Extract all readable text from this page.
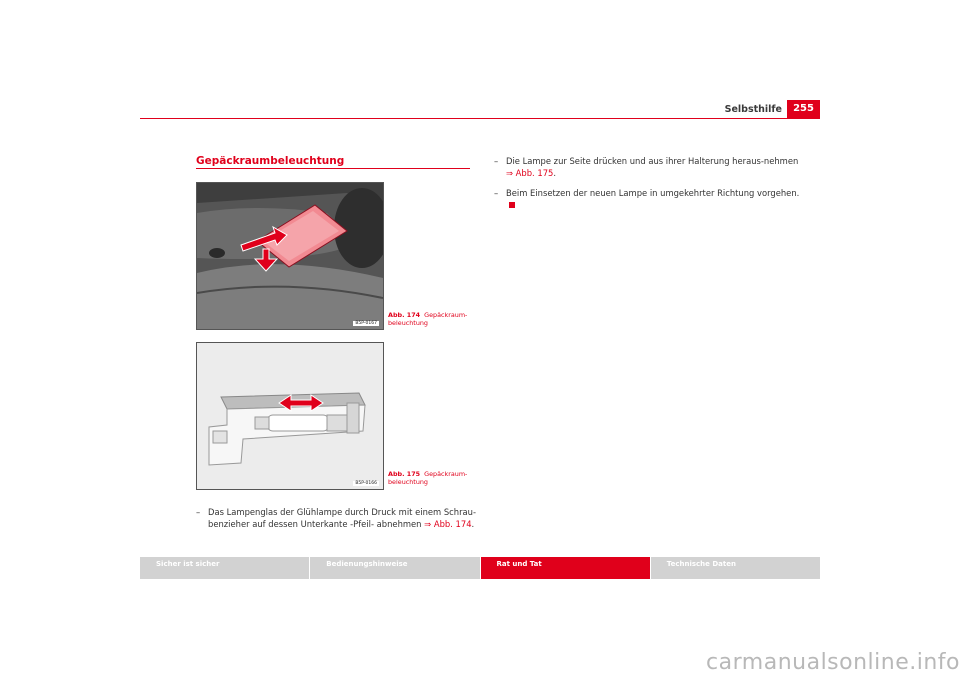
Selbsthilfe	255
Gepäckraumbeleuchtung
B5P-0167
Abb. 174 Gepäckraum-beleuchtung
B5P-0166
Abb. 175 Gepäckraum-beleuchtung
– Das Lampenglas der Glühlampe durch Druck mit einem Schrau-benzieher auf dessen Unterkante -Pfeil- abnehmen ⇒ Abb. 174.
– Die Lampe zur Seite drücken und aus ihrer Halterung heraus-nehmen ⇒ Abb. 175.
– Beim Einsetzen der neuen Lampe in umgekehrter Richtung vorgehen.
Sicher ist sicher	Bedienungshinweise	Rat und Tat	Technische Daten
carmanualsonline.info
